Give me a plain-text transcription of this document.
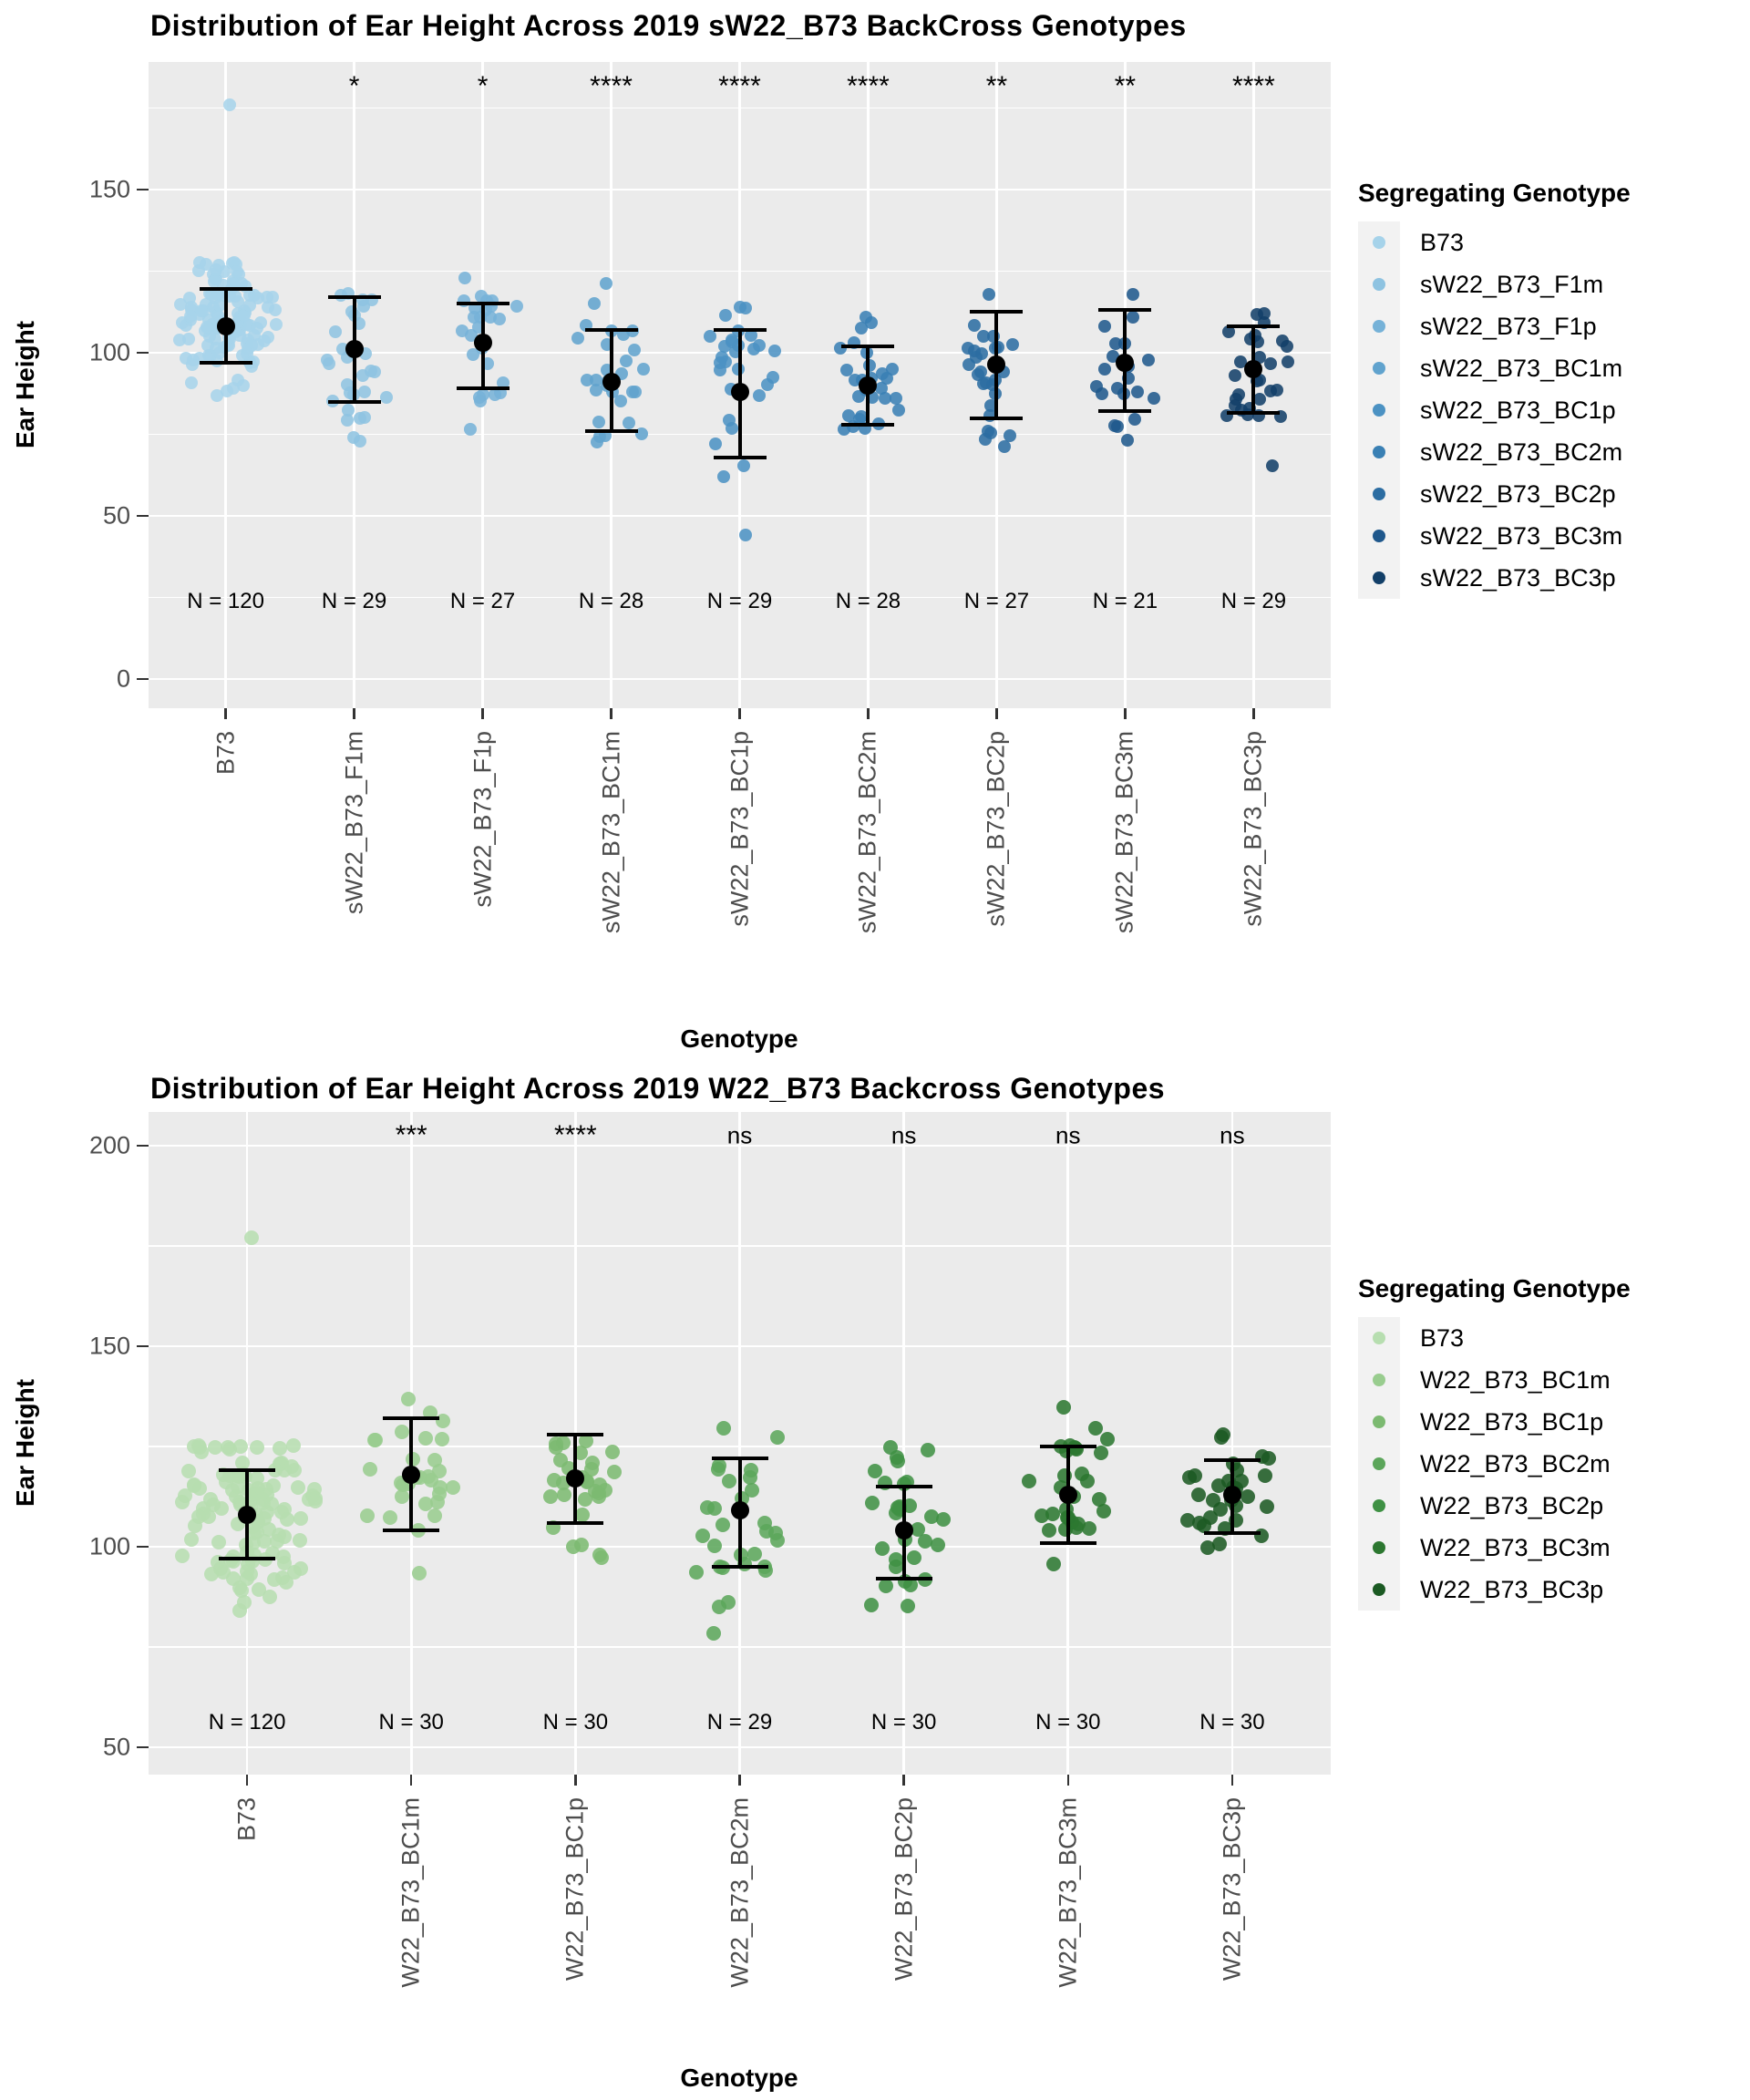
Distribution of Ear Height Across 2019 sW22_B73 BackCross Genotypes
Ear Height
N = 120
*
N = 29
*
N = 27
****
N = 28
****
N = 29
****
N = 28
**
N = 27
**
N = 21
****
N = 29
0
50
100
150
B73	sW22_B73_F1m	sW22_B73_F1p	sW22_B73_BC1m	sW22_B73_BC1p	sW22_B73_BC2m	sW22_B73_BC2p	sW22_B73_BC3m	sW22_B73_BC3p
Genotype
Segregating Genotype
B73
sW22_B73_F1m
sW22_B73_F1p
sW22_B73_BC1m
sW22_B73_BC1p
sW22_B73_BC2m
sW22_B73_BC2p
sW22_B73_BC3m
sW22_B73_BC3p
Distribution of Ear Height Across 2019 W22_B73 Backcross Genotypes
Ear Height
N = 120
***
N = 30
****
N = 30
ns
N = 29
ns
N = 30
ns
N = 30
ns
N = 30
50
100
150
200
B73	W22_B73_BC1m	W22_B73_BC1p	W22_B73_BC2m	W22_B73_BC2p	W22_B73_BC3m	W22_B73_BC3p
Genotype
Segregating Genotype
B73
W22_B73_BC1m
W22_B73_BC1p
W22_B73_BC2m
W22_B73_BC2p
W22_B73_BC3m
W22_B73_BC3p
